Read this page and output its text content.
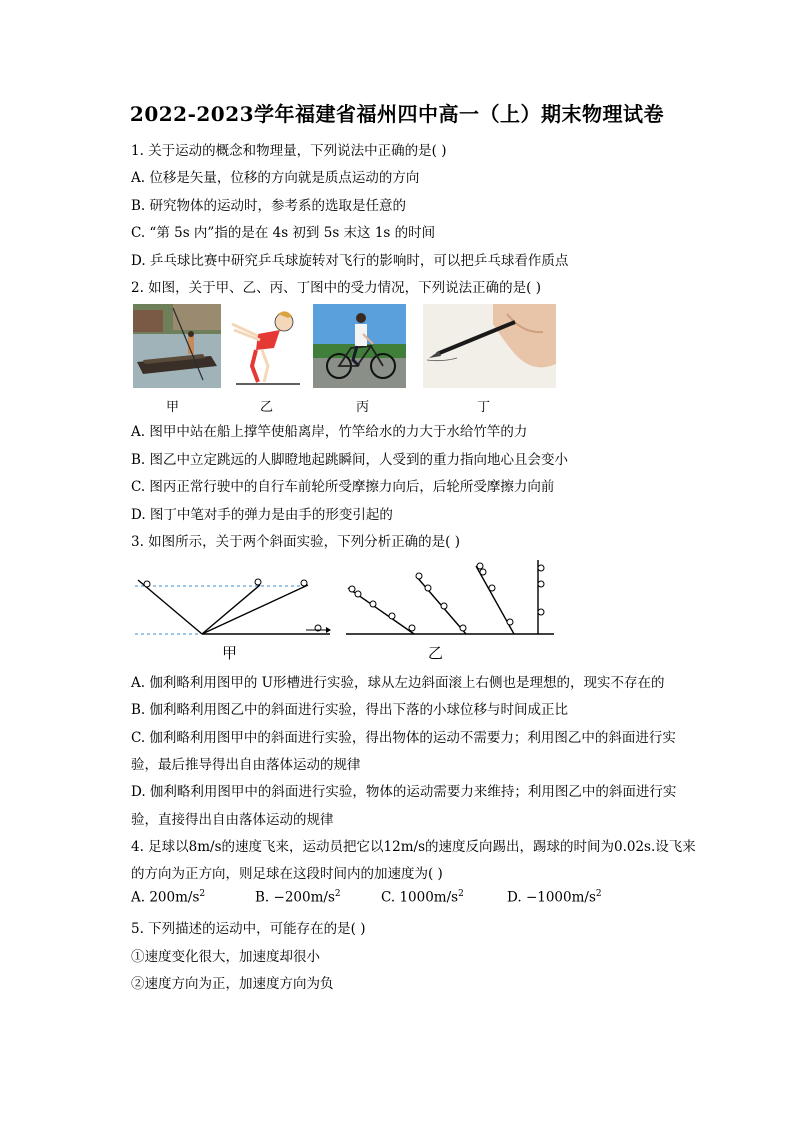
2022-2023学年福建省福州四中高一（上）期末物理试卷
1. 关于运动的概念和物理量，下列说法中正确的是( )
A. 位移是矢量，位移的方向就是质点运动的方向
B. 研究物体的运动时，参考系的选取是任意的
C. “第 5s 内”指的是在 4s 初到 5s 末这 1s 的时间
D. 乒乓球比赛中研究乒乓球旋转对飞行的影响时，可以把乒乓球看作质点
2. 如图，关于甲、乙、丙、丁图中的受力情况，下列说法正确的是( )
甲	乙	丙	丁
A. 图甲中站在船上撑竿使船离岸，竹竿给水的力大于水给竹竿的力
B. 图乙中立定跳远的人脚瞪地起跳瞬间，人受到的重力指向地心且会变小
C. 图丙正常行驶中的自行车前轮所受摩擦力向后，后轮所受摩擦力向前
D. 图丁中笔对手的弹力是由手的形变引起的
3. 如图所示，关于两个斜面实验，下列分析正确的是( )
甲	乙
A. 伽利略利用图甲的 U形槽进行实验，球从左边斜面滚上右侧也是理想的，现实不存在的
B. 伽利略利用图乙中的斜面进行实验，得出下落的小球位移与时间成正比
C. 伽利略利用图甲中的斜面进行实验，得出物体的运动不需要力；利用图乙中的斜面进行实
验，最后推导得出自由落体运动的规律
D. 伽利略利用图甲中的斜面进行实验，物体的运动需要力来维持；利用图乙中的斜面进行实
验，直接得出自由落体运动的规律
4. 足球以8m/s的速度飞来，运动员把它以12m/s的速度反向踢出，踢球的时间为0.02s.设飞来
的方向为正方向，则足球在这段时间内的加速度为( )
A. $200m/s^2$	B. $-200m/s^2$	C. $1000m/s^2$	D. $-1000m/s^2$
5. 下列描述的运动中，可能存在的是( )
①速度变化很大，加速度却很小
②速度方向为正，加速度方向为负
